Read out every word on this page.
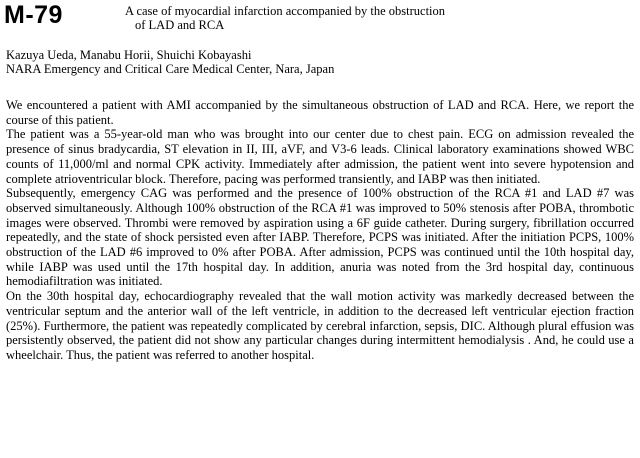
M-79	A case of myocardial infarction accompanied by the obstruction
of LAD and RCA
Kazuya Ueda, Manabu Horii, Shuichi Kobayashi
NARA Emergency and Critical Care Medical Center, Nara, Japan

We encountered a patient with AMI accompanied by the simultaneous obstruction of LAD and RCA. Here, we report the course of this patient.

The patient was a 55-year-old man who was brought into our center due to chest pain. ECG on admission revealed the presence of sinus bradycardia, ST elevation in II, III, aVF, and V3-6 leads. Clinical laboratory examinations showed WBC counts of 11,000/ml and normal CPK activity. Immediately after admission, the patient went into severe hypotension and complete atrioventricular block. Therefore, pacing was performed transiently, and IABP was then initiated.

Subsequently, emergency CAG was performed and the presence of 100% obstruction of the RCA #1 and LAD #7 was observed simultaneously. Although 100% obstruction of the RCA #1 was improved to 50% stenosis after POBA, thrombotic images were observed. Thrombi were removed by aspiration using a 6F guide catheter. During surgery, fibrillation occurred repeatedly, and the state of shock persisted even after IABP. Therefore, PCPS was initiated. After the initiation PCPS, 100% obstruction of the LAD #6 improved to 0% after POBA. After admission, PCPS was continued until the 10th hospital day, while IABP was used until the 17th hospital day. In addition, anuria was noted from the 3rd hospital day, continuous hemodiafiltration was initiated.

On the 30th hospital day, echocardiography revealed that the wall motion activity was markedly decreased between the ventricular septum and the anterior wall of the left ventricle, in addition to the decreased left ventricular ejection fraction (25%). Furthermore, the patient was repeatedly complicated by cerebral infarction, sepsis, DIC. Although plural effusion was persistently observed, the patient did not show any particular changes during intermittent hemodialysis . And, he could use a wheelchair. Thus, the patient was referred to another hospital.
